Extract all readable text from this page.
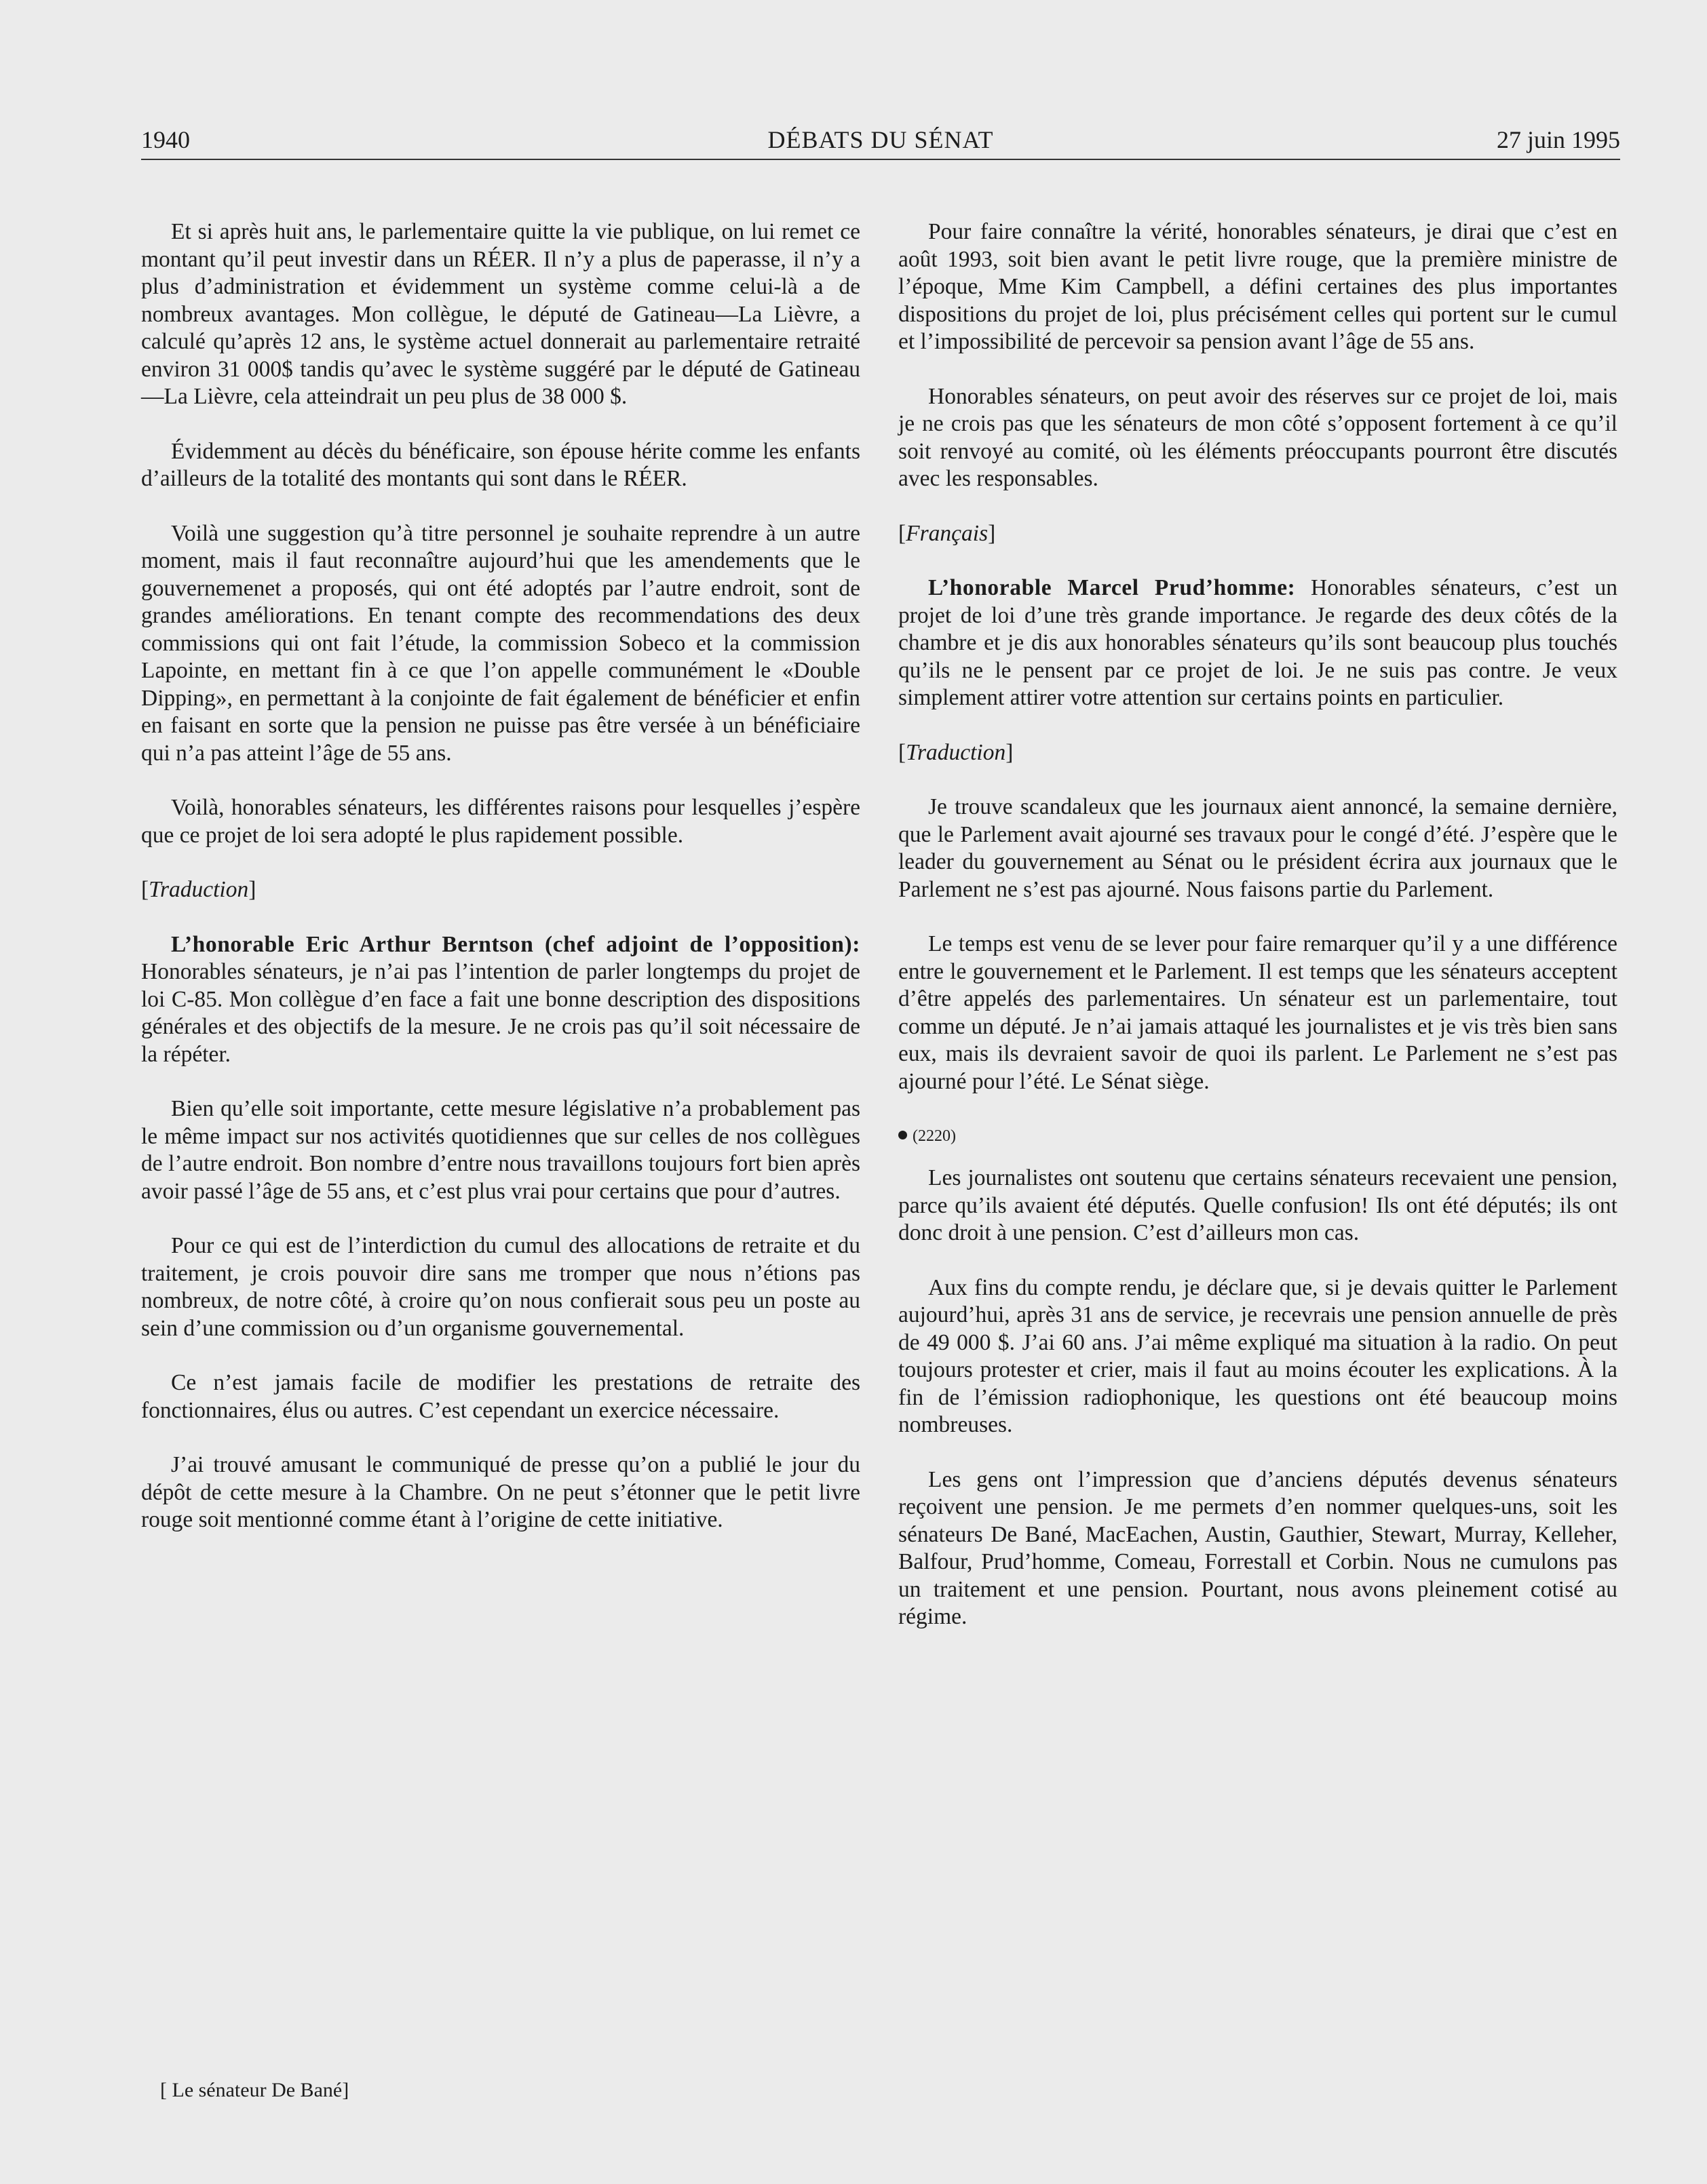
1940	DÉBATS DU SÉNAT	27 juin 1995

Et si après huit ans, le parlementaire quitte la vie publique, on lui remet ce montant qu’il peut investir dans un RÉER. Il n’y a plus de paperasse, il n’y a plus d’administration et évidemment un système comme celui-là a de nombreux avantages. Mon collègue, le député de Gatineau—La Lièvre, a calculé qu’après 12 ans, le système actuel donnerait au parlementaire retraité environ 31 000$ tandis qu’avec le système suggéré par le député de Gatineau—La Lièvre, cela atteindrait un peu plus de 38 000 $.

Évidemment au décès du bénéficaire, son épouse hérite comme les enfants d’ailleurs de la totalité des montants qui sont dans le RÉER.

Voilà une suggestion qu’à titre personnel je souhaite reprendre à un autre moment, mais il faut reconnaître aujourd’hui que les amendements que le gouvernemenet a proposés, qui ont été adoptés par l’autre endroit, sont de grandes améliorations. En tenant compte des recommendations des deux commissions qui ont fait l’étude, la commission Sobeco et la commission Lapointe, en mettant fin à ce que l’on appelle communément le «Double Dipping», en permettant à la conjointe de fait également de bénéficier et enfin en faisant en sorte que la pension ne puisse pas être versée à un bénéficiaire qui n’a pas atteint l’âge de 55 ans.

Voilà, honorables sénateurs, les différentes raisons pour lesquelles j’espère que ce projet de loi sera adopté le plus rapidement possible.

[Traduction]

L’honorable Eric Arthur Berntson (chef adjoint de l’opposition): Honorables sénateurs, je n’ai pas l’intention de parler longtemps du projet de loi C-85. Mon collègue d’en face a fait une bonne description des dispositions générales et des objectifs de la mesure. Je ne crois pas qu’il soit nécessaire de la répéter.

Bien qu’elle soit importante, cette mesure législative n’a probablement pas le même impact sur nos activités quotidiennes que sur celles de nos collègues de l’autre endroit. Bon nombre d’entre nous travaillons toujours fort bien après avoir passé l’âge de 55 ans, et c’est plus vrai pour certains que pour d’autres.

Pour ce qui est de l’interdiction du cumul des allocations de retraite et du traitement, je crois pouvoir dire sans me tromper que nous n’étions pas nombreux, de notre côté, à croire qu’on nous confierait sous peu un poste au sein d’une commission ou d’un organisme gouvernemental.

Ce n’est jamais facile de modifier les prestations de retraite des fonctionnaires, élus ou autres. C’est cependant un exercice nécessaire.

J’ai trouvé amusant le communiqué de presse qu’on a publié le jour du dépôt de cette mesure à la Chambre. On ne peut s’étonner que le petit livre rouge soit mentionné comme étant à l’origine de cette initiative.

Pour faire connaître la vérité, honorables sénateurs, je dirai que c’est en août 1993, soit bien avant le petit livre rouge, que la première ministre de l’époque, Mme Kim Campbell, a défini certaines des plus importantes dispositions du projet de loi, plus précisément celles qui portent sur le cumul et l’impossibilité de percevoir sa pension avant l’âge de 55 ans.

Honorables sénateurs, on peut avoir des réserves sur ce projet de loi, mais je ne crois pas que les sénateurs de mon côté s’opposent fortement à ce qu’il soit renvoyé au comité, où les éléments préoccupants pourront être discutés avec les responsables.

[Français]

L’honorable Marcel Prud’homme: Honorables sénateurs, c’est un projet de loi d’une très grande importance. Je regarde des deux côtés de la chambre et je dis aux honorables sénateurs qu’ils sont beaucoup plus touchés qu’ils ne le pensent par ce projet de loi. Je ne suis pas contre. Je veux simplement attirer votre attention sur certains points en particulier.

[Traduction]

Je trouve scandaleux que les journaux aient annoncé, la semaine dernière, que le Parlement avait ajourné ses travaux pour le congé d’été. J’espère que le leader du gouvernement au Sénat ou le président écrira aux journaux que le Parlement ne s’est pas ajourné. Nous faisons partie du Parlement.

Le temps est venu de se lever pour faire remarquer qu’il y a une différence entre le gouvernement et le Parlement. Il est temps que les sénateurs acceptent d’être appelés des parlementaires. Un sénateur est un parlementaire, tout comme un député. Je n’ai jamais attaqué les journalistes et je vis très bien sans eux, mais ils devraient savoir de quoi ils parlent. Le Parlement ne s’est pas ajourné pour l’été. Le Sénat siège.

(2220)

Les journalistes ont soutenu que certains sénateurs recevaient une pension, parce qu’ils avaient été députés. Quelle confusion! Ils ont été députés; ils ont donc droit à une pension. C’est d’ailleurs mon cas.

Aux fins du compte rendu, je déclare que, si je devais quitter le Parlement aujourd’hui, après 31 ans de service, je recevrais une pension annuelle de près de 49 000 $. J’ai 60 ans. J’ai même expliqué ma situation à la radio. On peut toujours protester et crier, mais il faut au moins écouter les explications. À la fin de l’émission radiophonique, les questions ont été beaucoup moins nombreuses.

Les gens ont l’impression que d’anciens députés devenus sénateurs reçoivent une pension. Je me permets d’en nommer quelques-uns, soit les sénateurs De Bané, MacEachen, Austin, Gauthier, Stewart, Murray, Kelleher, Balfour, Prud’homme, Comeau, Forrestall et Corbin. Nous ne cumulons pas un traitement et une pension. Pourtant, nous avons pleinement cotisé au régime.

[ Le sénateur De Bané]
